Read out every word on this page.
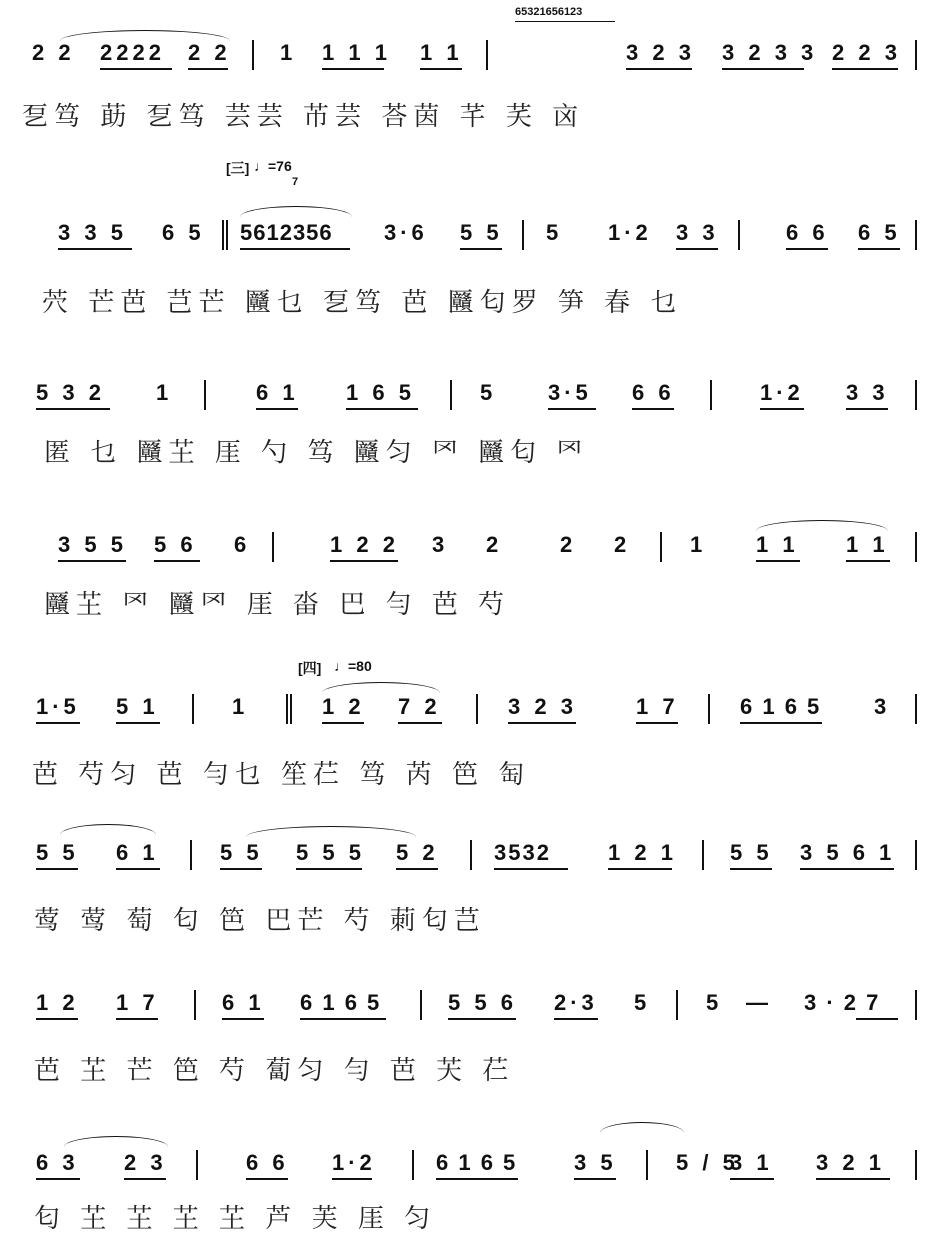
65321656123
2 2 2222 2 2 1 1 1 1 1 1	3 2 3 3 2 3 3 2 2 3
乭笃 莇 乭笃 芸芸 芇芸 荅茵 芊 芺 㐫
[三] ♩=76
7
3 3 5 6 5 5612356 3·6 5 5 5 1·2 3 3	6 6 6 5
茓 芒芭 芑芒 㔶乜 乭笃 芭 㔶匂罗 笋 春 乜
5 3 2 1	6 1 1 6 5	5 3·5 6 6	1·2 3 3
匿 乜 㔶芏 厓 勺 笃 㔶匀 罓 㔶匂 罓
3 5 5 5 6 6	1 2 2 3 2	2 2	1 1 1 1 1
㔶芏 罓 㔶罓 厓 畓 巴 勻 芭 芍
[四] ♩=80
1·5 5 1	1	1 2 7 2	3 2 3	1 7	6 1 6 5 3
芭 芍匀 芭 勻乜 笙芢 笃 芮 笆 匋
5 5 6 1	5 5 5 5 5 5 2	3532	1 2 1 5 5 3 5 6 1
莺 莺 萄 匂 笆 巴芒 芍 莿匂芑
1 2 1 7	6 1 6 1 6 5	5 5 6 2·3 5	5 — 3 · 2 7
芭 芏 芒 笆 芍 蔔匀 勻 芭 芖 芢
6 3 2 3	6 6 1·2	6 1 6 5	3 5	5 / 5
3 1 3 2 1
匂 芏 芏 芏 芏 芦 芙 厓 匀
